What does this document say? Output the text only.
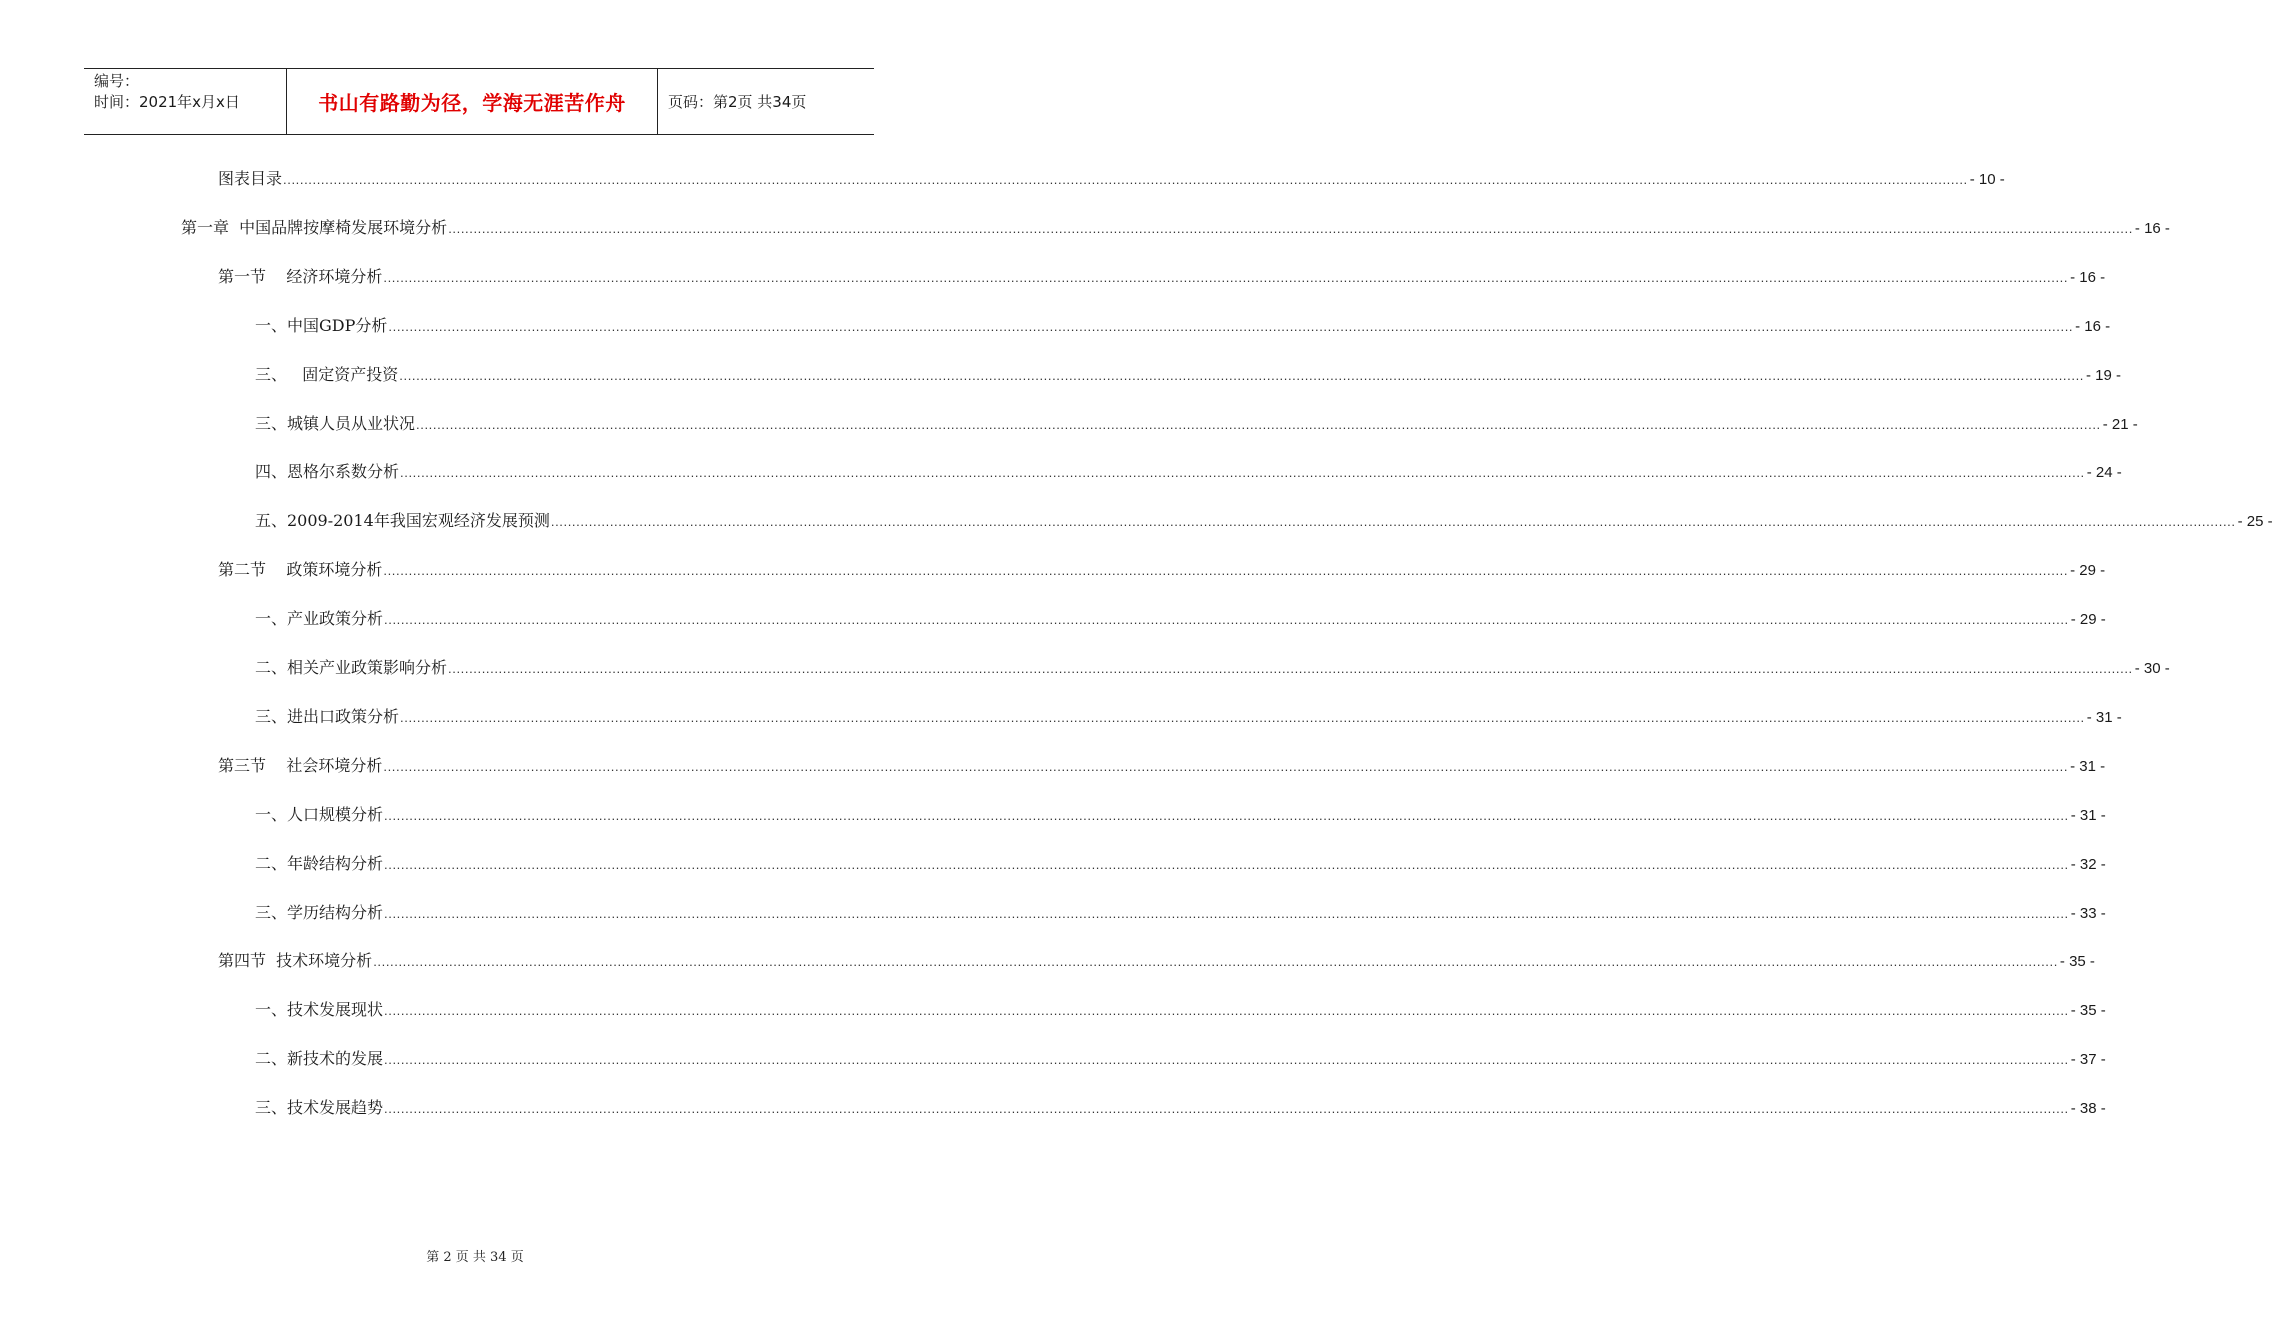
编号：
时间：2021年x月x日	书山有路勤为径，学海无涯苦作舟	页码：第2页 共34页
图表目录 ................................................................................................................................................................................................................................................................................................................................................................................................................ - 10 -
第一章  中国品牌按摩椅发展环境分析 ................................................................................................................................................................................................................................................................................................................................................................................................................ - 16 -
第一节    经济环境分析 ................................................................................................................................................................................................................................................................................................................................................................................................................ - 16 -
一、中国GDP分析 ................................................................................................................................................................................................................................................................................................................................................................................................................ - 16 -
三、   固定资产投资 ................................................................................................................................................................................................................................................................................................................................................................................................................ - 19 -
三、城镇人员从业状况 ................................................................................................................................................................................................................................................................................................................................................................................................................ - 21 -
四、恩格尔系数分析 ................................................................................................................................................................................................................................................................................................................................................................................................................ - 24 -
五、2009-2014年我国宏观经济发展预测 ................................................................................................................................................................................................................................................................................................................................................................................................................ - 25 -
第二节    政策环境分析 ................................................................................................................................................................................................................................................................................................................................................................................................................ - 29 -
一、产业政策分析 ................................................................................................................................................................................................................................................................................................................................................................................................................ - 29 -
二、相关产业政策影响分析 ................................................................................................................................................................................................................................................................................................................................................................................................................ - 30 -
三、进出口政策分析 ................................................................................................................................................................................................................................................................................................................................................................................................................ - 31 -
第三节    社会环境分析 ................................................................................................................................................................................................................................................................................................................................................................................................................ - 31 -
一、人口规模分析 ................................................................................................................................................................................................................................................................................................................................................................................................................ - 31 -
二、年龄结构分析 ................................................................................................................................................................................................................................................................................................................................................................................................................ - 32 -
三、学历结构分析 ................................................................................................................................................................................................................................................................................................................................................................................................................ - 33 -
第四节  技术环境分析 ................................................................................................................................................................................................................................................................................................................................................................................................................ - 35 -
一、技术发展现状 ................................................................................................................................................................................................................................................................................................................................................................................................................ - 35 -
二、新技术的发展 ................................................................................................................................................................................................................................................................................................................................................................................................................ - 37 -
三、技术发展趋势 ................................................................................................................................................................................................................................................................................................................................................................................................................ - 38 -
第 2 页 共 34 页
